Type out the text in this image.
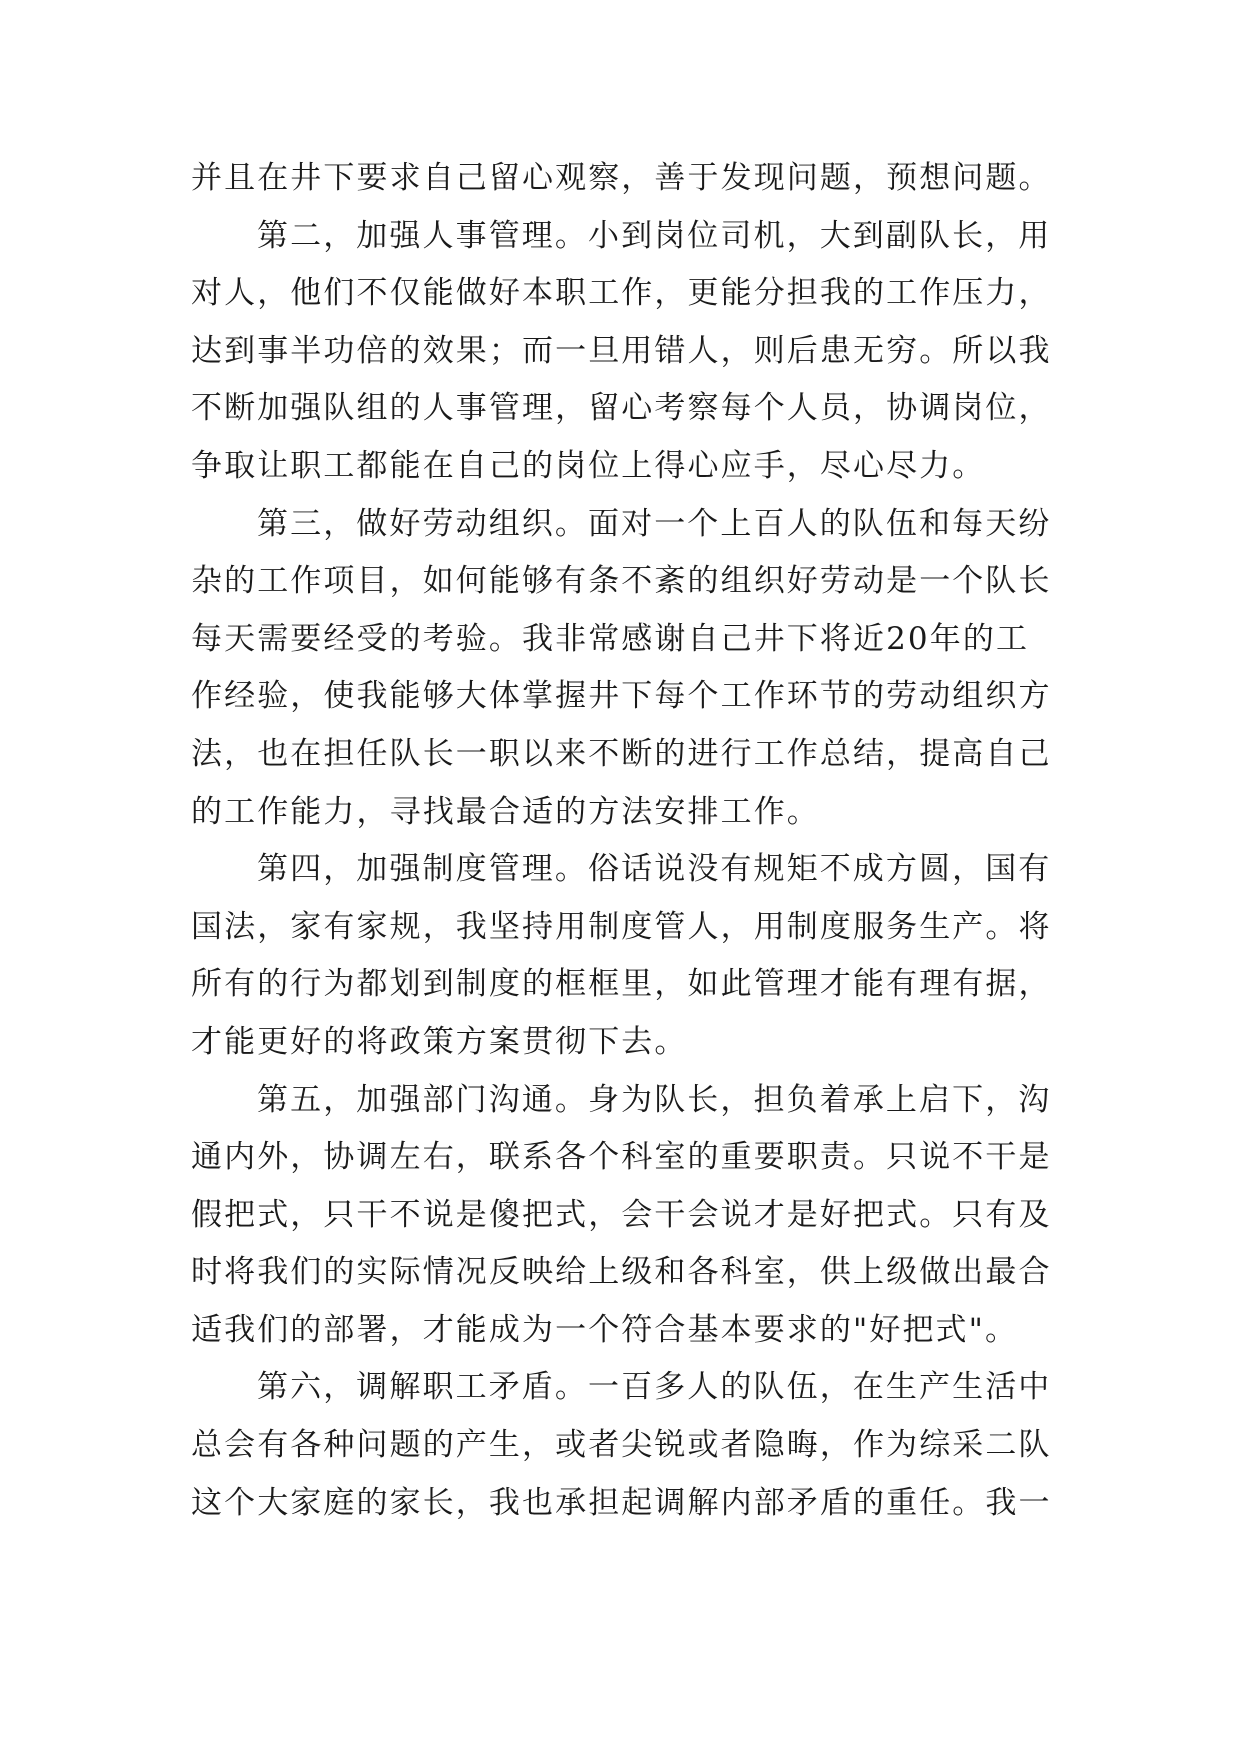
并且在井下要求自己留心观察，善于发现问题，预想问题。
第二，加强人事管理。小到岗位司机，大到副队长，用
对人，他们不仅能做好本职工作，更能分担我的工作压力，
达到事半功倍的效果；而一旦用错人，则后患无穷。所以我
不断加强队组的人事管理，留心考察每个人员，协调岗位，
争取让职工都能在自己的岗位上得心应手，尽心尽力。
第三，做好劳动组织。面对一个上百人的队伍和每天纷
杂的工作项目，如何能够有条不紊的组织好劳动是一个队长
每天需要经受的考验。我非常感谢自己井下将近20年的工
作经验，使我能够大体掌握井下每个工作环节的劳动组织方
法，也在担任队长一职以来不断的进行工作总结，提高自己
的工作能力，寻找最合适的方法安排工作。
第四，加强制度管理。俗话说没有规矩不成方圆，国有
国法，家有家规，我坚持用制度管人，用制度服务生产。将
所有的行为都划到制度的框框里，如此管理才能有理有据，
才能更好的将政策方案贯彻下去。
第五，加强部门沟通。身为队长，担负着承上启下，沟
通内外，协调左右，联系各个科室的重要职责。只说不干是
假把式，只干不说是傻把式，会干会说才是好把式。只有及
时将我们的实际情况反映给上级和各科室，供上级做出最合
适我们的部署，才能成为一个符合基本要求的"好把式"。
第六，调解职工矛盾。一百多人的队伍，在生产生活中
总会有各种问题的产生，或者尖锐或者隐晦，作为综采二队
这个大家庭的家长，我也承担起调解内部矛盾的重任。我一
